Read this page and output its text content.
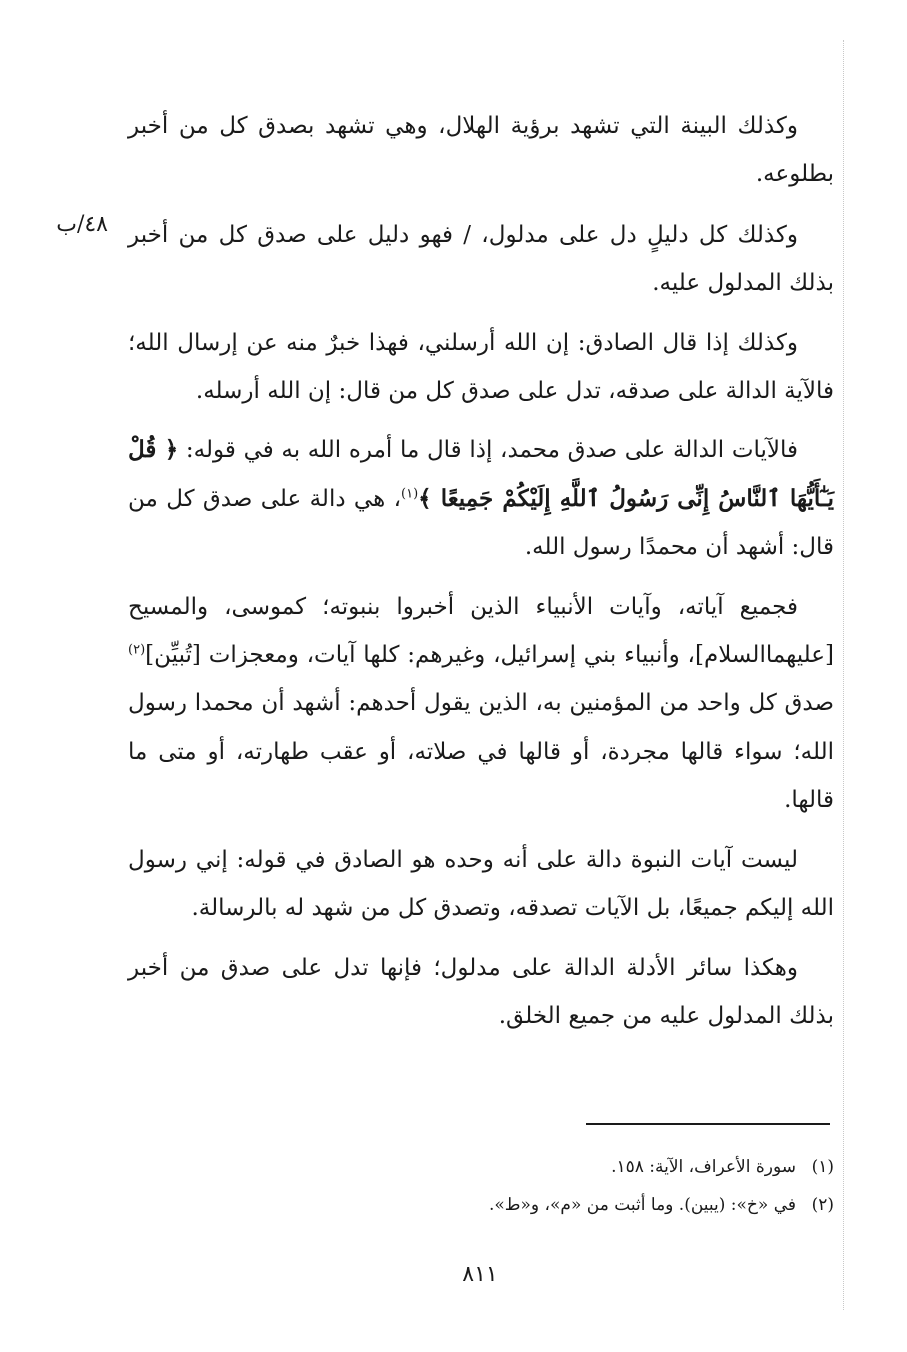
٤٨/ب

وكذلك البينة التي تشهد برؤية الهلال، وهي تشهد بصدق كل من أخبر بطلوعه.

وكذلك كل دليلٍ دل على مدلول، / فهو دليل على صدق كل من أخبر بذلك المدلول عليه.

وكذلك إذا قال الصادق: إن الله أرسلني، فهذا خبرٌ منه عن إرسال الله؛ فالآية الدالة على صدقه، تدل على صدق كل من قال: إن الله أرسله.

فالآيات الدالة على صدق محمد، إذا قال ما أمره الله به في قوله: ﴿ قُلْ يَـٰٓأَيُّهَا ٱلنَّاسُ إِنِّى رَسُولُ ٱللَّهِ إِلَيْكُمْ جَمِيعًا ﴾$^{(١)}$، هي دالة على صدق كل من قال: أشهد أن محمدًا رسول الله.

فجميع آياته، وآيات الأنبياء الذين أخبروا بنبوته؛ كموسى، والمسيح [عليهماالسلام]، وأنبياء بني إسرائيل، وغيرهم: كلها آيات، ومعجزات [تُبيِّن]$^{(٢)}$ صدق كل واحد من المؤمنين به، الذين يقول أحدهم: أشهد أن محمدا رسول الله؛ سواء قالها مجردة، أو قالها في صلاته، أو عقب طهارته، أو متى ما قالها.

ليست آيات النبوة دالة على أنه وحده هو الصادق في قوله: إني رسول الله إليكم جميعًا، بل الآيات تصدقه، وتصدق كل من شهد له بالرسالة.

وهكذا سائر الأدلة الدالة على مدلول؛ فإنها تدل على صدق من أخبر بذلك المدلول عليه من جميع الخلق.

(١)سورة الأعراف، الآية: ١٥٨.
(٢)في «خ»: (يبين). وما أثبت من «م»، و«ط».
٨١١
